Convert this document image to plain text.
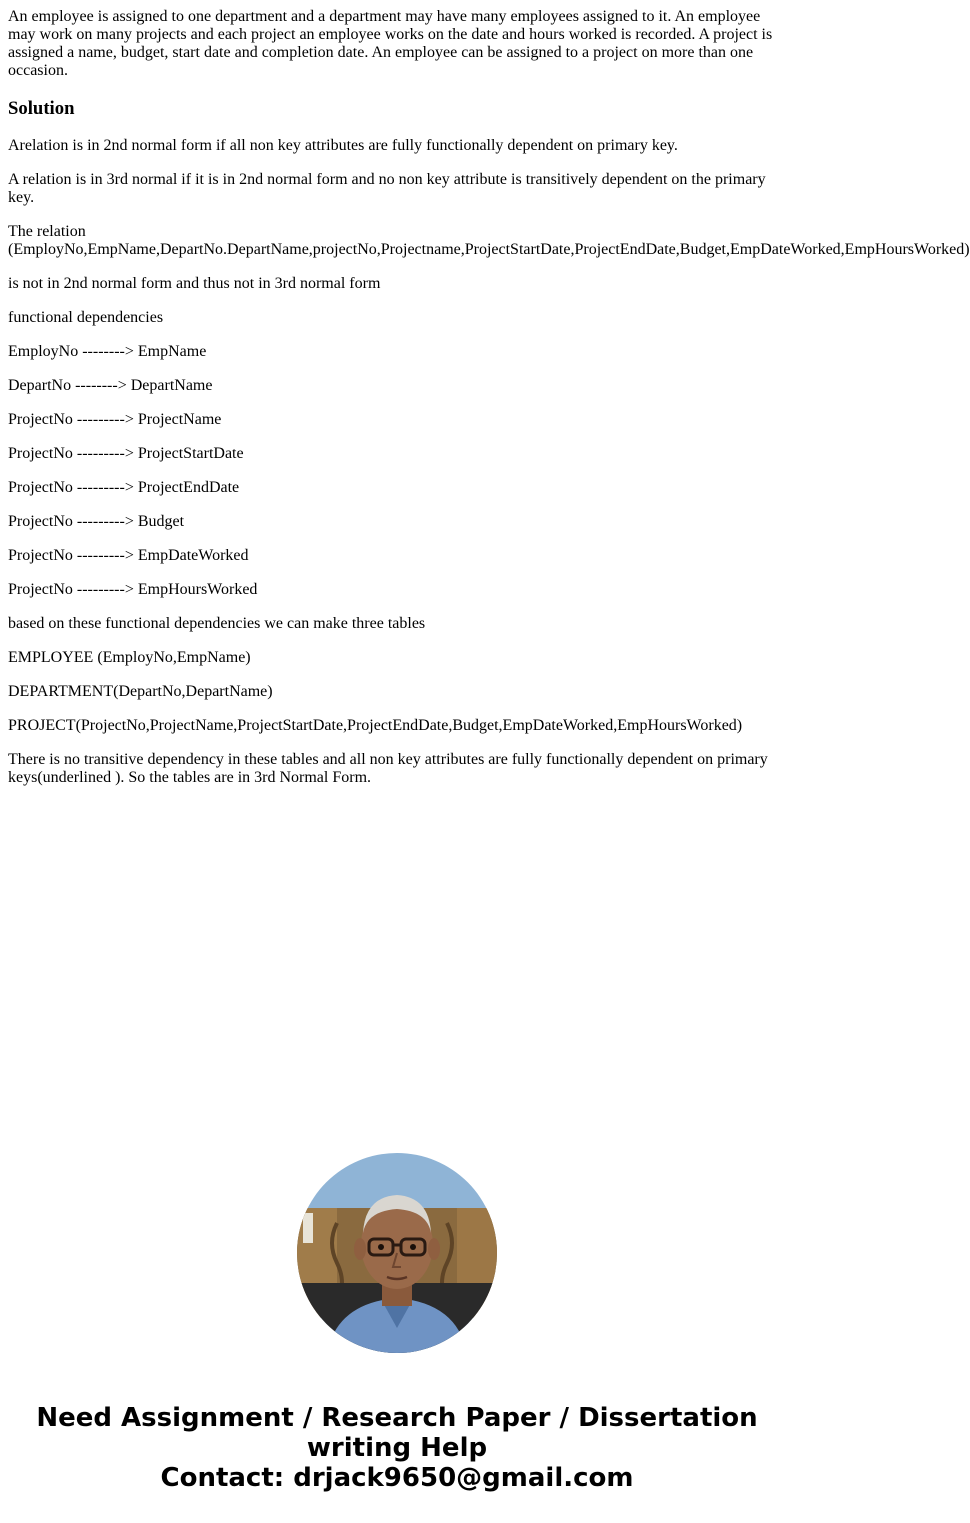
An employee is assigned to one department and a department may have many employees assigned to it. An employee may work on many projects and each project an employee works on the date and hours worked is recorded. A project is assigned a name, budget, start date and completion date. An employee can be assigned to a project on more than one occasion.

Solution

Arelation is in 2nd normal form if all non key attributes are fully functionally dependent on primary key.

A relation is in 3rd normal if it is in 2nd normal form and no non key attribute is transitively dependent on the primary key.

The relation
(EmployNo,EmpName,DepartNo.DepartName,projectNo,Projectname,ProjectStartDate,ProjectEndDate,Budget,EmpDateWorked,EmpHoursWorked)

is not in 2nd normal form and thus not in 3rd normal form

functional dependencies

EmployNo --------> EmpName

DepartNo --------> DepartName

ProjectNo ---------> ProjectName

ProjectNo ---------> ProjectStartDate

ProjectNo ---------> ProjectEndDate

ProjectNo ---------> Budget

ProjectNo ---------> EmpDateWorked

ProjectNo ---------> EmpHoursWorked

based on these functional dependencies we can make three tables

EMPLOYEE (EmployNo,EmpName)

DEPARTMENT(DepartNo,DepartName)

PROJECT(ProjectNo,ProjectName,ProjectStartDate,ProjectEndDate,Budget,EmpDateWorked,EmpHoursWorked)

There is no transitive dependency in these tables and all non key attributes are fully functionally dependent on primary keys(underlined ). So the tables are in 3rd Normal Form.

Need Assignment / Research Paper / Dissertation
writing Help
Contact: drjack9650@gmail.com
